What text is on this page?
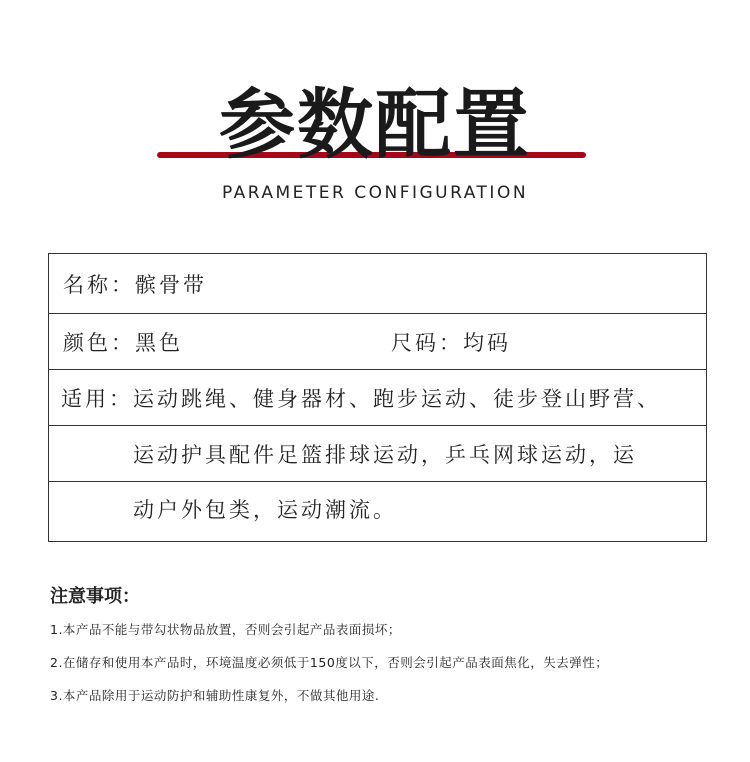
参数配置
PARAMETER CONFIGURATION
名称：髌骨带
颜色：黑色	尺码：均码
适用：运动跳绳、健身器材、跑步运动、徒步登山野营、
运动护具配件足篮排球运动，乒乓网球运动，运
动户外包类，运动潮流。
注意事项：
1.本产品不能与带勾状物品放置，否则会引起产品表面损坏；
2.在储存和使用本产品时，环境温度必须低于150度以下，否则会引起产品表面焦化，失去弹性；
3.本产品除用于运动防护和辅助性康复外，不做其他用途.
